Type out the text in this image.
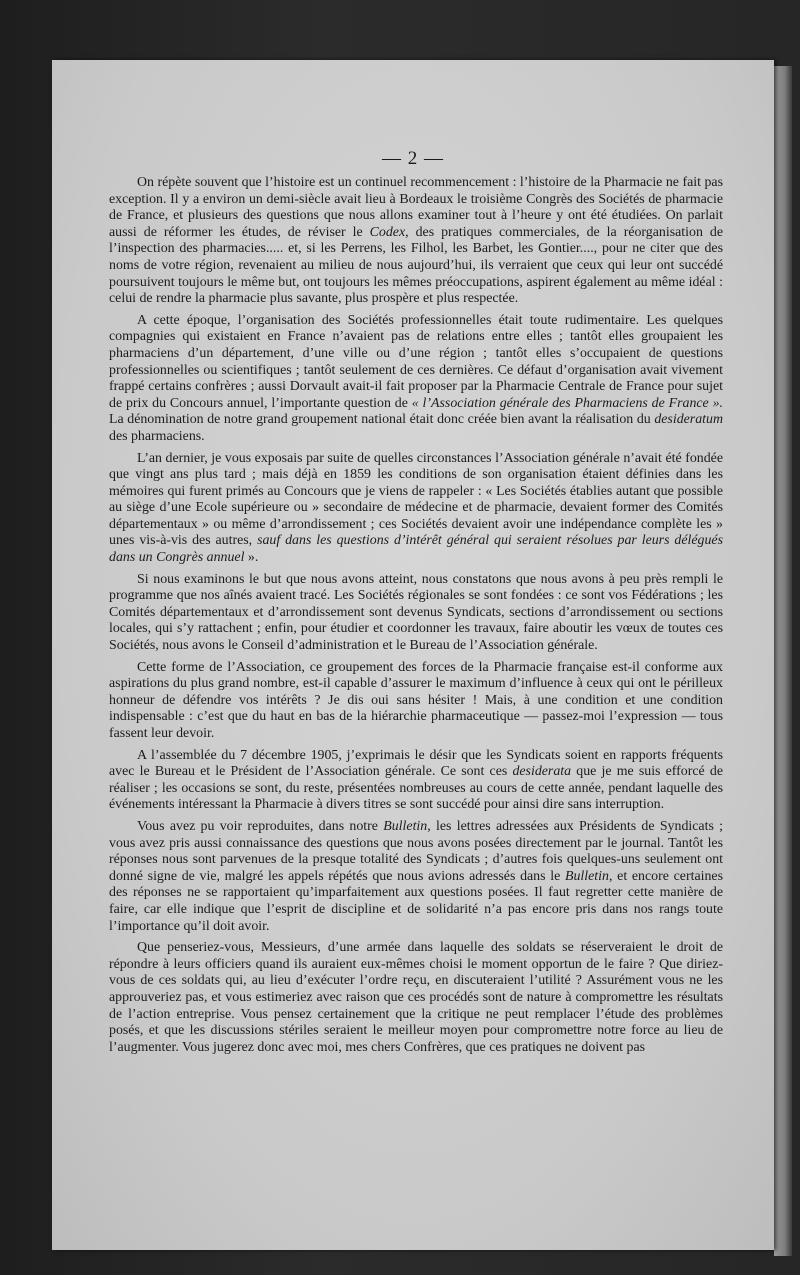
— 2 —

On répète souvent que l’histoire est un continuel recommencement : l’histoire de la Pharmacie ne fait pas exception. Il y a environ un demi-siècle avait lieu à Bordeaux le troisième Congrès des Sociétés de pharmacie de France, et plusieurs des questions que nous allons examiner tout à l’heure y ont été étudiées. On parlait aussi de réformer les études, de réviser le Codex, des pratiques commerciales, de la réorganisation de l’inspection des pharmacies..... et, si les Perrens, les Filhol, les Barbet, les Gontier...., pour ne citer que des noms de votre région, revenaient au milieu de nous aujourd’hui, ils verraient que ceux qui leur ont succédé poursuivent toujours le même but, ont toujours les mêmes préoccupations, aspirent également au même idéal : celui de rendre la pharmacie plus savante, plus prospère et plus respectée.

A cette époque, l’organisation des Sociétés professionnelles était toute rudimentaire. Les quelques compagnies qui existaient en France n’avaient pas de relations entre elles ; tantôt elles groupaient les pharmaciens d’un département, d’une ville ou d’une région ; tantôt elles s’occupaient de questions professionnelles ou scientifiques ; tantôt seulement de ces dernières. Ce défaut d’organisation avait vivement frappé certains confrères ; aussi Dorvault avait-il fait proposer par la Pharmacie Centrale de France pour sujet de prix du Concours annuel, l’importante question de « l’Association générale des Pharmaciens de France ». La dénomination de notre grand groupement national était donc créée bien avant la réalisation du desideratum des pharmaciens.

L’an dernier, je vous exposais par suite de quelles circonstances l’Association générale n’avait été fondée que vingt ans plus tard ; mais déjà en 1859 les conditions de son organisation étaient définies dans les mémoires qui furent primés au Concours que je viens de rappeler : « Les Sociétés établies autant que possible au siège d’une Ecole supérieure ou » secondaire de médecine et de pharmacie, devaient former des Comités départementaux » ou même d’arrondissement ; ces Sociétés devaient avoir une indépendance complète les » unes vis-à-vis des autres, sauf dans les questions d’intérêt général qui seraient résolues par leurs délégués dans un Congrès annuel ».

Si nous examinons le but que nous avons atteint, nous constatons que nous avons à peu près rempli le programme que nos aînés avaient tracé. Les Sociétés régionales se sont fondées : ce sont vos Fédérations ; les Comités départementaux et d’arrondissement sont devenus Syndicats, sections d’arrondissement ou sections locales, qui s’y rattachent ; enfin, pour étudier et coordonner les travaux, faire aboutir les vœux de toutes ces Sociétés, nous avons le Conseil d’administration et le Bureau de l’Association générale.

Cette forme de l’Association, ce groupement des forces de la Pharmacie française est-il conforme aux aspirations du plus grand nombre, est-il capable d’assurer le maximum d’influence à ceux qui ont le périlleux honneur de défendre vos intérêts ? Je dis oui sans hésiter ! Mais, à une condition et une condition indispensable : c’est que du haut en bas de la hiérarchie pharmaceutique — passez-moi l’expression — tous fassent leur devoir.

A l’assemblée du 7 décembre 1905, j’exprimais le désir que les Syndicats soient en rapports fréquents avec le Bureau et le Président de l’Association générale. Ce sont ces desiderata que je me suis efforcé de réaliser ; les occasions se sont, du reste, présentées nombreuses au cours de cette année, pendant laquelle des événements intéressant la Pharmacie à divers titres se sont succédé pour ainsi dire sans interruption.

Vous avez pu voir reproduites, dans notre Bulletin, les lettres adressées aux Présidents de Syndicats ; vous avez pris aussi connaissance des questions que nous avons posées directement par le journal. Tantôt les réponses nous sont parvenues de la presque totalité des Syndicats ; d’autres fois quelques-uns seulement ont donné signe de vie, malgré les appels répétés que nous avions adressés dans le Bulletin, et encore certaines des réponses ne se rapportaient qu’imparfaitement aux questions posées. Il faut regretter cette manière de faire, car elle indique que l’esprit de discipline et de solidarité n’a pas encore pris dans nos rangs toute l’importance qu’il doit avoir.

Que penseriez-vous, Messieurs, d’une armée dans laquelle des soldats se réserveraient le droit de répondre à leurs officiers quand ils auraient eux-mêmes choisi le moment opportun de le faire ? Que diriez-vous de ces soldats qui, au lieu d’exécuter l’ordre reçu, en discuteraient l’utilité ? Assurément vous ne les approuveriez pas, et vous estimeriez avec raison que ces procédés sont de nature à compromettre les résultats de l’action entreprise. Vous pensez certainement que la critique ne peut remplacer l’étude des problèmes posés, et que les discussions stériles seraient le meilleur moyen pour compromettre notre force au lieu de l’augmenter. Vous jugerez donc avec moi, mes chers Confrères, que ces pratiques ne doivent pas
